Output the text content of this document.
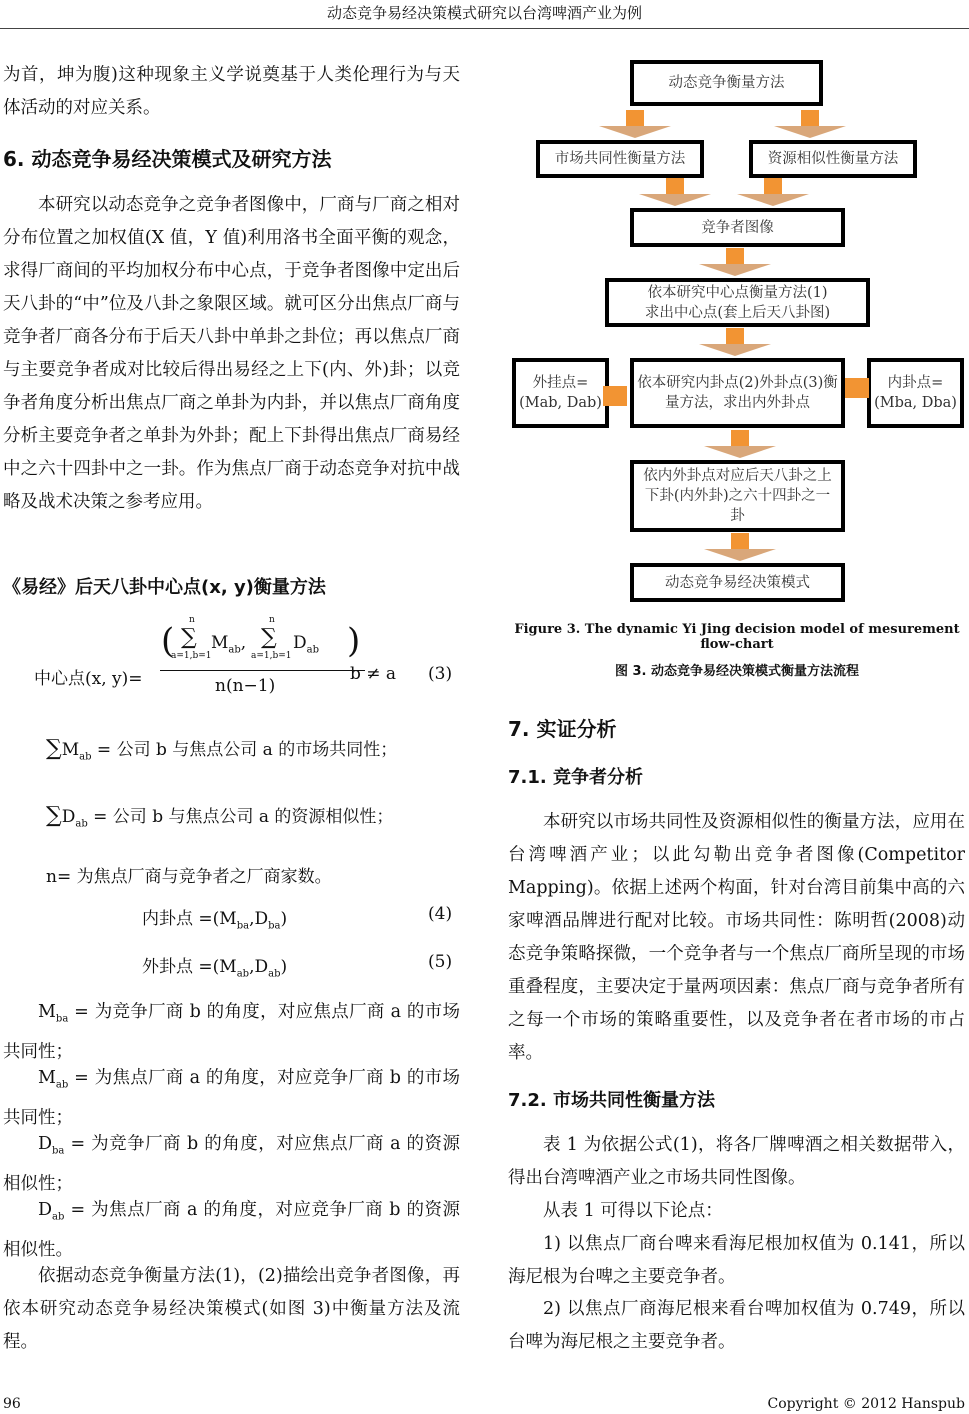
动态竞争易经决策模式研究以台湾啤酒产业为例
为首，坤为腹)这种现象主义学说奠基于人类伦理行为与天体活动的对应关系。
6. 动态竞争易经决策模式及研究方法
本研究以动态竞争之竞争者图像中，厂商与厂商之相对分布位置之加权值(X 值，Y 值)利用洛书全面平衡的观念，求得厂商间的平均加权分布中心点，于竞争者图像中定出后天八卦的“中”位及八卦之象限区域。就可区分出焦点厂商与竞争者厂商各分布于后天八卦中单卦之卦位；再以焦点厂商与主要竞争者成对比较后得出易经之上下(内、外)卦；以竞争者角度分析出焦点厂商之单卦为内卦，并以焦点厂商角度分析主要竞争者之单卦为外卦；配上下卦得出焦点厂商易经中之六十四卦中之一卦。作为焦点厂商于动态竞争对抗中战略及战术决策之参考应用。
《易经》后天八卦中心点(x, y)衡量方法
中心点(x, y)=
(
n
∑
a=1,b=1
$M_{ab}$,
n
∑
a=1,b=1
$D_{ab}$ )
n(n−1)
b ≠ a (3)
$\sum M_{ab}$ = 公司 b 与焦点公司 a 的市场共同性；
$\sum D_{ab}$ = 公司 b 与焦点公司 a 的资源相似性；
n= 为焦点厂商与竞争者之厂商家数。
内卦点 $=(M_{ba},D_{ba})$	(4)
外卦点 $=(M_{ab},D_{ab})$	(5)
$M_{ba}$ = 为竞争厂商 b 的角度，对应焦点厂商 a 的市场共同性；
$M_{ab}$ = 为焦点厂商 a 的角度，对应竞争厂商 b 的市场共同性；
$D_{ba}$ = 为竞争厂商 b 的角度，对应焦点厂商 a 的资源相似性；
$D_{ab}$ = 为焦点厂商 a 的角度，对应竞争厂商 b 的资源相似性。
依据动态竞争衡量方法(1)，(2)描绘出竞争者图像，再依本研究动态竞争易经决策模式(如图 3)中衡量方法及流程。
动态竞争衡量方法
市场共同性衡量方法	资源相似性衡量方法
竞争者图像
依本研究中心点衡量方法(1)
求出中心点(套上后天八卦图)
外挂点=
(Mab, Dab)
依本研究内卦点(2)外卦点(3)衡量方法，求出内外卦点
内卦点=
(Mba, Dba)
依内外卦点对应后天八卦之上下卦(内外卦)之六十四卦之一卦
动态竞争易经决策模式
Figure 3. The dynamic Yi Jing decision model of mesurement flow-chart
图 3. 动态竞争易经决策模式衡量方法流程
7. 实证分析
7.1. 竞争者分析
本研究以市场共同性及资源相似性的衡量方法，应用在台湾啤酒产业；以此勾勒出竞争者图像(Competitor Mapping)。依据上述两个构面，针对台湾目前集中高的六家啤酒品牌进行配对比较。市场共同性：陈明哲(2008)动态竞争策略探微，一个竞争者与一个焦点厂商所呈现的市场重叠程度，主要决定于量两项因素：焦点厂商与竞争者所有之每一个市场的策略重要性，以及竞争者在者市场的市占率。
7.2. 市场共同性衡量方法
表 1 为依据公式(1)，将各厂牌啤酒之相关数据带入，得出台湾啤酒产业之市场共同性图像。
从表 1 可得以下论点：
1) 以焦点厂商台啤来看海尼根加权值为 0.141，所以海尼根为台啤之主要竞争者。
2) 以焦点厂商海尼根来看台啤加权值为 0.749，所以台啤为海尼根之主要竞争者。
96	Copyright © 2012 Hanspub
